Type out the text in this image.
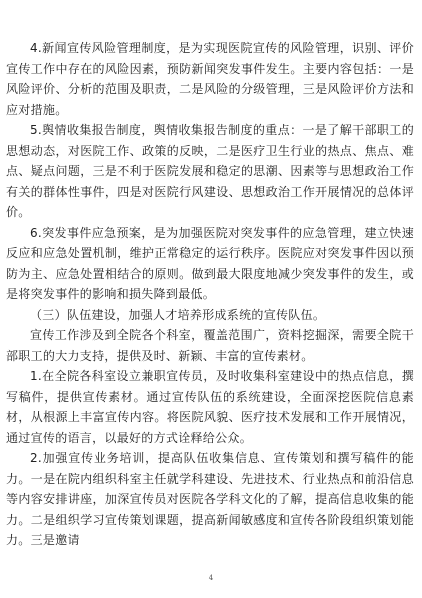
4.新闻宣传风险管理制度，是为实现医院宣传的风险管理，识别、评价宣传工作中存在的风险因素，预防新闻突发事件发生。主要内容包括：一是风险评价、分析的范围及职责，二是风险的分级管理，三是风险评价方法和应对措施。

5.舆情收集报告制度，舆情收集报告制度的重点：一是了解干部职工的思想动态，对医院工作、政策的反映，二是医疗卫生行业的热点、焦点、难点、疑点问题，三是不利于医院发展和稳定的思潮、因素等与思想政治工作有关的群体性事件，四是对医院行风建设、思想政治工作开展情况的总体评价。

6.突发事件应急预案，是为加强医院对突发事件的应急管理，建立快速反应和应急处置机制，维护正常稳定的运行秩序。医院应对突发事件因以预防为主、应急处置相结合的原则。做到最大限度地减少突发事件的发生，或是将突发事件的影响和损失降到最低。

（三）队伍建设，加强人才培养形成系统的宣传队伍。

宣传工作涉及到全院各个科室，覆盖范围广，资料挖掘深，需要全院干部职工的大力支持，提供及时、新颖、丰富的宣传素材。

1.在全院各科室设立兼职宣传员，及时收集科室建设中的热点信息，撰写稿件，提供宣传素材。通过宣传队伍的系统建设，全面深挖医院信息素材，从根源上丰富宣传内容。将医院风貌、医疗技术发展和工作开展情况，通过宣传的语言，以最好的方式诠释给公众。

2.加强宣传业务培训，提高队伍收集信息、宣传策划和撰写稿件的能力。一是在院内组织科室主任就学科建设、先进技术、行业热点和前沿信息等内容安排讲座，加深宣传员对医院各学科文化的了解，提高信息收集的能力。二是组织学习宣传策划课题，提高新闻敏感度和宣传各阶段组织策划能力。三是邀请

4
